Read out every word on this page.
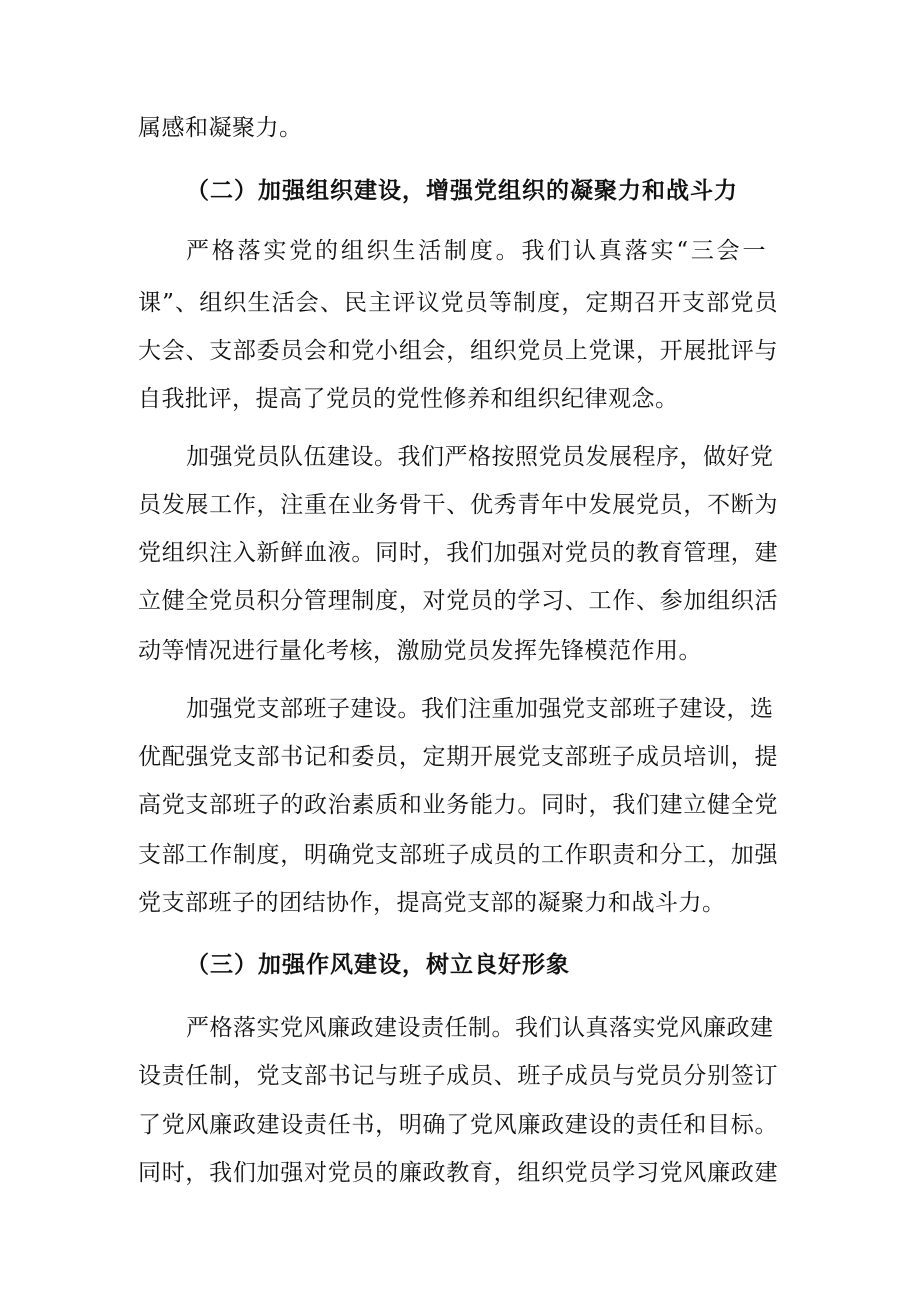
属感和凝聚力。
（二）加强组织建设，增强党组织的凝聚力和战斗力
严格落实党的组织生活制度。我们认真落实“三会一
课”、组织生活会、民主评议党员等制度，定期召开支部党员
大会、支部委员会和党小组会，组织党员上党课，开展批评与
自我批评，提高了党员的党性修养和组织纪律观念。
加强党员队伍建设。我们严格按照党员发展程序，做好党
员发展工作，注重在业务骨干、优秀青年中发展党员，不断为
党组织注入新鲜血液。同时，我们加强对党员的教育管理，建
立健全党员积分管理制度，对党员的学习、工作、参加组织活
动等情况进行量化考核，激励党员发挥先锋模范作用。
加强党支部班子建设。我们注重加强党支部班子建设，选
优配强党支部书记和委员，定期开展党支部班子成员培训，提
高党支部班子的政治素质和业务能力。同时，我们建立健全党
支部工作制度，明确党支部班子成员的工作职责和分工，加强
党支部班子的团结协作，提高党支部的凝聚力和战斗力。
（三）加强作风建设，树立良好形象
严格落实党风廉政建设责任制。我们认真落实党风廉政建
设责任制，党支部书记与班子成员、班子成员与党员分别签订
了党风廉政建设责任书，明确了党风廉政建设的责任和目标。
同时，我们加强对党员的廉政教育，组织党员学习党风廉政建
